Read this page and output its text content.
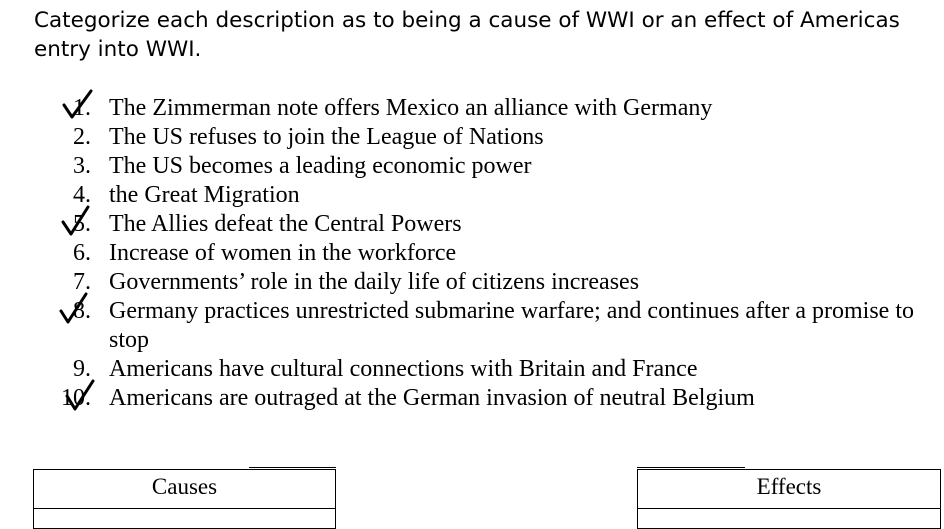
Categorize each description as to being a cause of WWI or an effect of Americas entry into WWI.

1. The Zimmerman note offers Mexico an alliance with Germany
2. The US refuses to join the League of Nations
3. The US becomes a leading economic power
4. the Great Migration
5. The Allies defeat the Central Powers
6. Increase of women in the workforce
7. Governments’ role in the daily life of citizens increases
8. Germany practices unrestricted submarine warfare; and continues after a promise to stop
9. Americans have cultural connections with Britain and France
10. Americans are outraged at the German invasion of neutral Belgium
Causes	Effects
